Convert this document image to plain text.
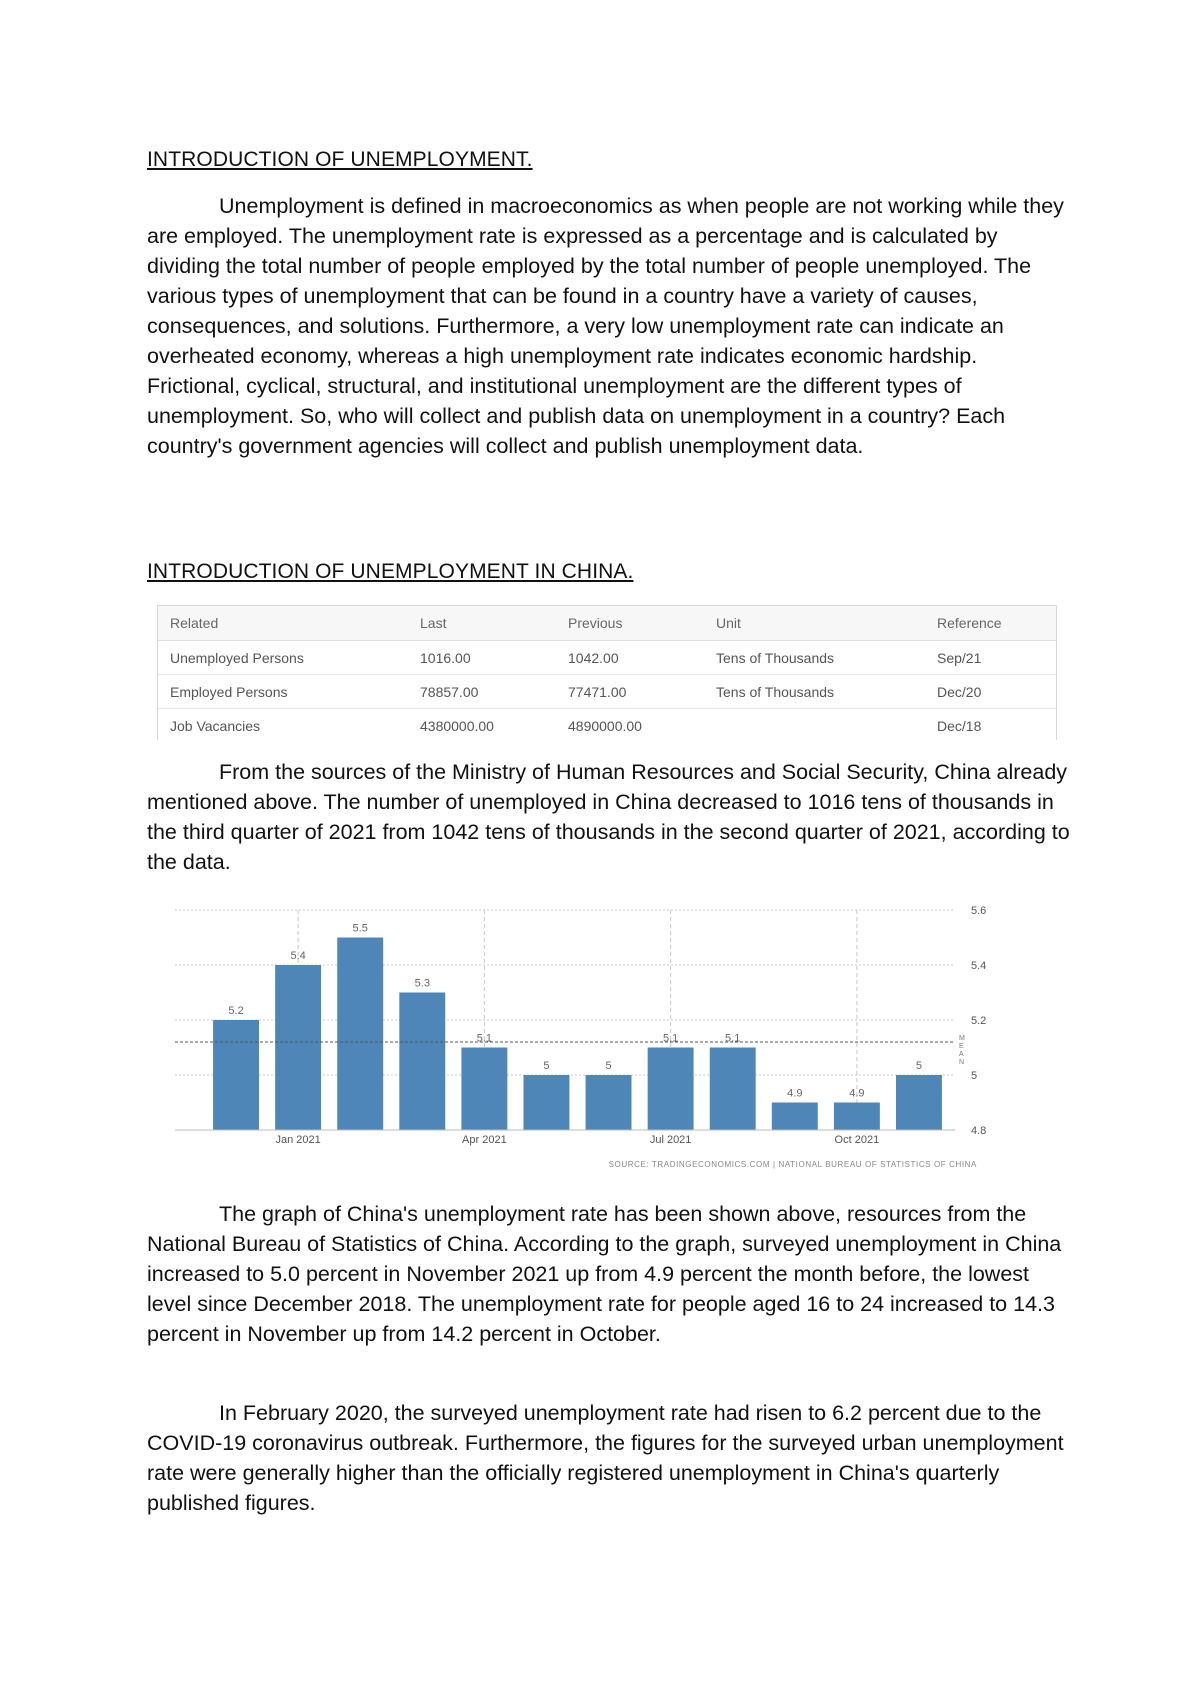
INTRODUCTION OF UNEMPLOYMENT.

Unemployment is defined in macroeconomics as when people are not working while they are employed. The unemployment rate is expressed as a percentage and is calculated by dividing the total number of people employed by the total number of people unemployed. The various types of unemployment that can be found in a country have a variety of causes, consequences, and solutions. Furthermore, a very low unemployment rate can indicate an overheated economy, whereas a high unemployment rate indicates economic hardship. Frictional, cyclical, structural, and institutional unemployment are the different types of unemployment. So, who will collect and publish data on unemployment in a country? Each country's government agencies will collect and publish unemployment data.

INTRODUCTION OF UNEMPLOYMENT IN CHINA.
Related	Last	Previous	Unit	Reference
Unemployed Persons	1016.00	1042.00	Tens of Thousands	Sep/21
Employed Persons	78857.00	77471.00	Tens of Thousands	Dec/20
Job Vacancies	4380000.00	4890000.00		Dec/18

From the sources of the Ministry of Human Resources and Social Security, China already mentioned above. The number of unemployed in China decreased to 1016 tens of thousands in the third quarter of 2021 from 1042 tens of thousands in the second quarter of 2021, according to the data.

4.8
5
5.2
5.4
5.6
5.2
5.4
5.5
5.3
5.1
5	5
5.1	5.1
4.9	4.9
5
M E A N
Jan 2021	Apr 2021	Jul 2021	Oct 2021
SOURCE: TRADINGECONOMICS.COM | NATIONAL BUREAU OF STATISTICS OF CHINA

The graph of China's unemployment rate has been shown above, resources from the National Bureau of Statistics of China. According to the graph, surveyed unemployment in China increased to 5.0 percent in November 2021 up from 4.9 percent the month before, the lowest level since December 2018. The unemployment rate for people aged 16 to 24 increased to 14.3 percent in November up from 14.2 percent in October.

In February 2020, the surveyed unemployment rate had risen to 6.2 percent due to the COVID-19 coronavirus outbreak. Furthermore, the figures for the surveyed urban unemployment rate were generally higher than the officially registered unemployment in China's quarterly published figures.
